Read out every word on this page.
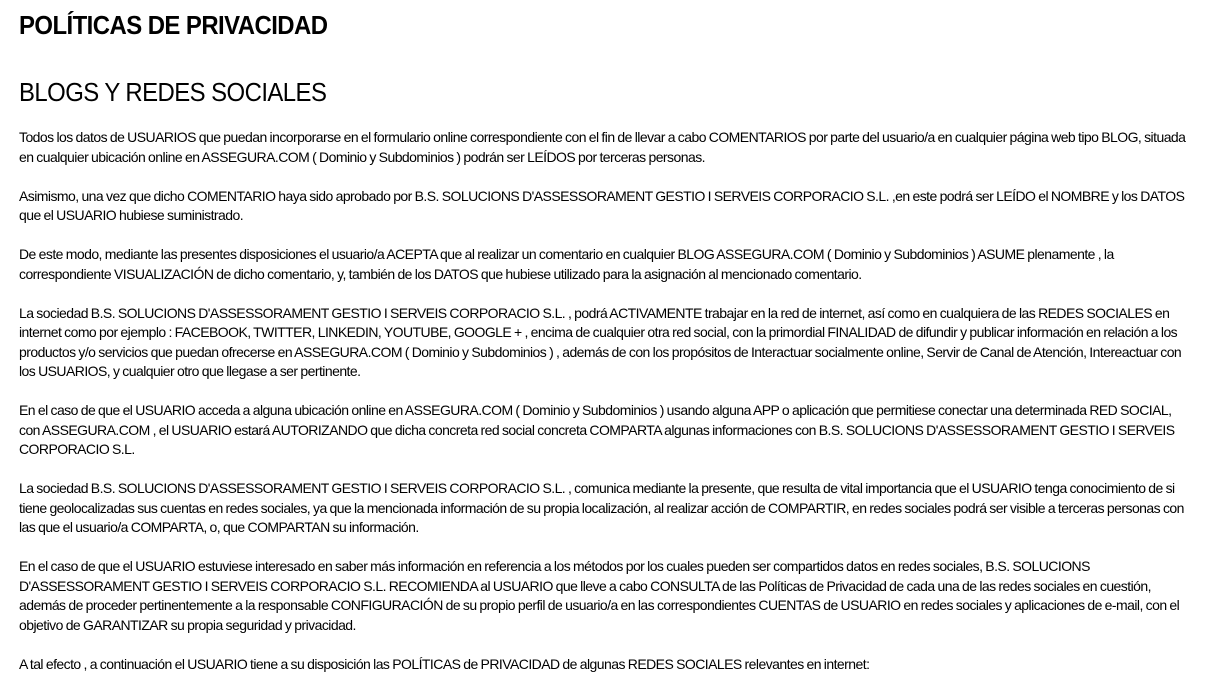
POLÍTICAS DE PRIVACIDAD
BLOGS Y REDES SOCIALES

Todos los datos de USUARIOS que puedan incorporarse en el formulario online correspondiente con el fin de llevar a cabo COMENTARIOS por parte del usuario/a en cualquier página web tipo BLOG, situada en cualquier ubicación online en ASSEGURA.COM ( Dominio y Subdominios ) podrán ser LEÍDOS por terceras personas.

Asimismo, una vez que dicho COMENTARIO haya sido aprobado por B.S. SOLUCIONS D'ASSESSORAMENT GESTIO I SERVEIS CORPORACIO S.L. ,en este podrá ser LEÍDO el NOMBRE y los DATOS que el USUARIO hubiese suministrado.

De este modo, mediante las presentes disposiciones el usuario/a ACEPTA que al realizar un comentario en cualquier BLOG ASSEGURA.COM ( Dominio y Subdominios ) ASUME plenamente , la correspondiente VISUALIZACIÓN de dicho comentario, y, también de los DATOS que hubiese utilizado para la asignación al mencionado comentario.

La sociedad B.S. SOLUCIONS D'ASSESSORAMENT GESTIO I SERVEIS CORPORACIO S.L. , podrá ACTIVAMENTE trabajar en la red de internet, así como en cualquiera de las REDES SOCIALES en internet como por ejemplo : FACEBOOK, TWITTER, LINKEDIN, YOUTUBE, GOOGLE + , encima de cualquier otra red social, con la primordial FINALIDAD de difundir y publicar información en relación a los productos y/o servicios que puedan ofrecerse en ASSEGURA.COM ( Dominio y Subdominios ) , además de con los propósitos de Interactuar socialmente online, Servir de Canal de Atención, Intereactuar con los USUARIOS, y cualquier otro que llegase a ser pertinente.

En el caso de que el USUARIO acceda a alguna ubicación online en ASSEGURA.COM ( Dominio y Subdominios ) usando alguna APP o aplicación que permitiese conectar una determinada RED SOCIAL, con ASSEGURA.COM , el USUARIO estará AUTORIZANDO que dicha concreta red social concreta COMPARTA algunas informaciones con B.S. SOLUCIONS D'ASSESSORAMENT GESTIO I SERVEIS CORPORACIO S.L.

La sociedad B.S. SOLUCIONS D'ASSESSORAMENT GESTIO I SERVEIS CORPORACIO S.L. , comunica mediante la presente, que resulta de vital importancia que el USUARIO tenga conocimiento de si tiene geolocalizadas sus cuentas en redes sociales, ya que la mencionada información de su propia localización, al realizar acción de COMPARTIR, en redes sociales podrá ser visible a terceras personas con las que el usuario/a COMPARTA, o, que COMPARTAN su información.

En el caso de que el USUARIO estuviese interesado en saber más información en referencia a los métodos por los cuales pueden ser compartidos datos en redes sociales, B.S. SOLUCIONS D'ASSESSORAMENT GESTIO I SERVEIS CORPORACIO S.L. RECOMIENDA al USUARIO que lleve a cabo CONSULTA de las Políticas de Privacidad de cada una de las redes sociales en cuestión, además de proceder pertinentemente a la responsable CONFIGURACIÓN de su propio perfil de usuario/a en las correspondientes CUENTAS de USUARIO en redes sociales y aplicaciones de e-mail, con el objetivo de GARANTIZAR su propia seguridad y privacidad.

A tal efecto , a continuación el USUARIO tiene a su disposición las POLÍTICAS de PRIVACIDAD de algunas REDES SOCIALES relevantes en internet:
